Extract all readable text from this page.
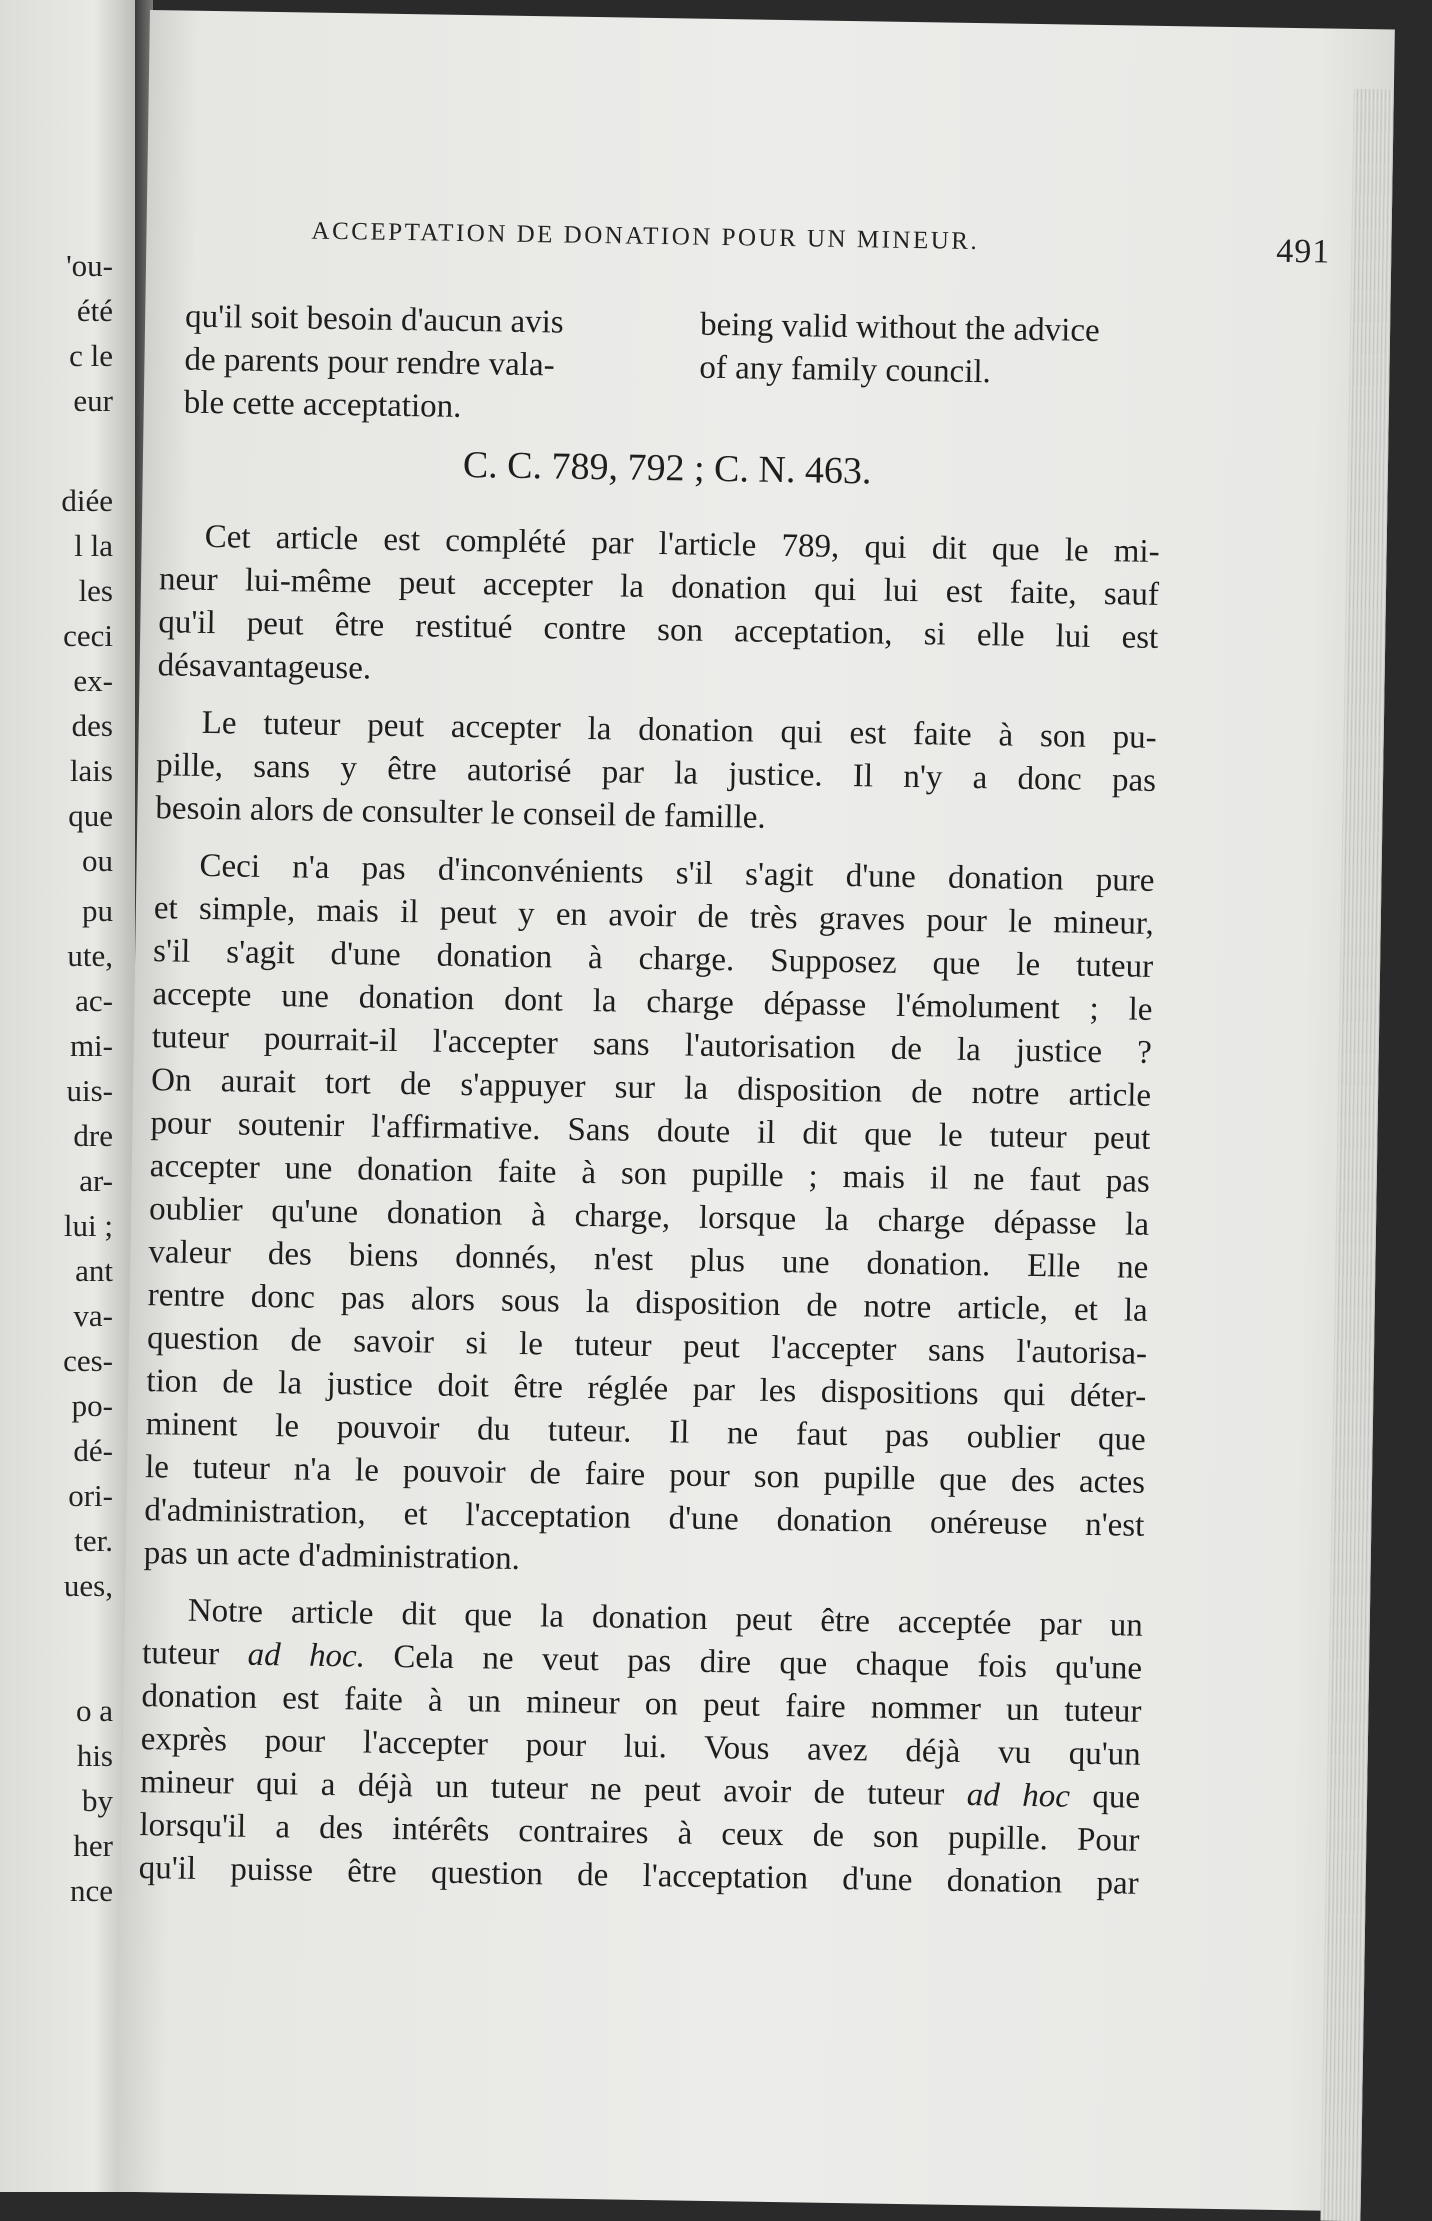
'ou-
été
c le
eur
diée
l la
les
ceci
ex-
des
lais
que
ou
pu
ute,
ac-
mi-
uis-
dre
ar-
lui ;
ant
va-
ces-
po-
dé-
ori-
ter.
ues,
o a
his
by
her
nce
ACCEPTATION DE DONATION POUR UN MINEUR.	491
qu'il soit besoin d'aucun avis
de parents pour rendre vala-
ble cette acceptation.
being valid without the advice
of any family council.
C. C. 789, 792 ; C. N. 463.
Cet article est complété par l'article 789, qui dit que le mi-
neur lui-même peut accepter la donation qui lui est faite, sauf
qu'il peut être restitué contre son acceptation, si elle lui est
désavantageuse.
Le tuteur peut accepter la donation qui est faite à son pu-
pille, sans y être autorisé par la justice. Il n'y a donc pas
besoin alors de consulter le conseil de famille.
Ceci n'a pas d'inconvénients s'il s'agit d'une donation pure
et simple, mais il peut y en avoir de très graves pour le mineur,
s'il s'agit d'une donation à charge. Supposez que le tuteur
accepte une donation dont la charge dépasse l'émolument ; le
tuteur pourrait-il l'accepter sans l'autorisation de la justice ?
On aurait tort de s'appuyer sur la disposition de notre article
pour soutenir l'affirmative. Sans doute il dit que le tuteur peut
accepter une donation faite à son pupille ; mais il ne faut pas
oublier qu'une donation à charge, lorsque la charge dépasse la
valeur des biens donnés, n'est plus une donation. Elle ne
rentre donc pas alors sous la disposition de notre article, et la
question de savoir si le tuteur peut l'accepter sans l'autorisa-
tion de la justice doit être réglée par les dispositions qui déter-
minent le pouvoir du tuteur. Il ne faut pas oublier que
le tuteur n'a le pouvoir de faire pour son pupille que des actes
d'administration, et l'acceptation d'une donation onéreuse n'est
pas un acte d'administration.
Notre article dit que la donation peut être acceptée par un
tuteur ad hoc. Cela ne veut pas dire que chaque fois qu'une
donation est faite à un mineur on peut faire nommer un tuteur
exprès pour l'accepter pour lui. Vous avez déjà vu qu'un
mineur qui a déjà un tuteur ne peut avoir de tuteur ad hoc que
lorsqu'il a des intérêts contraires à ceux de son pupille. Pour
qu'il puisse être question de l'acceptation d'une donation par
